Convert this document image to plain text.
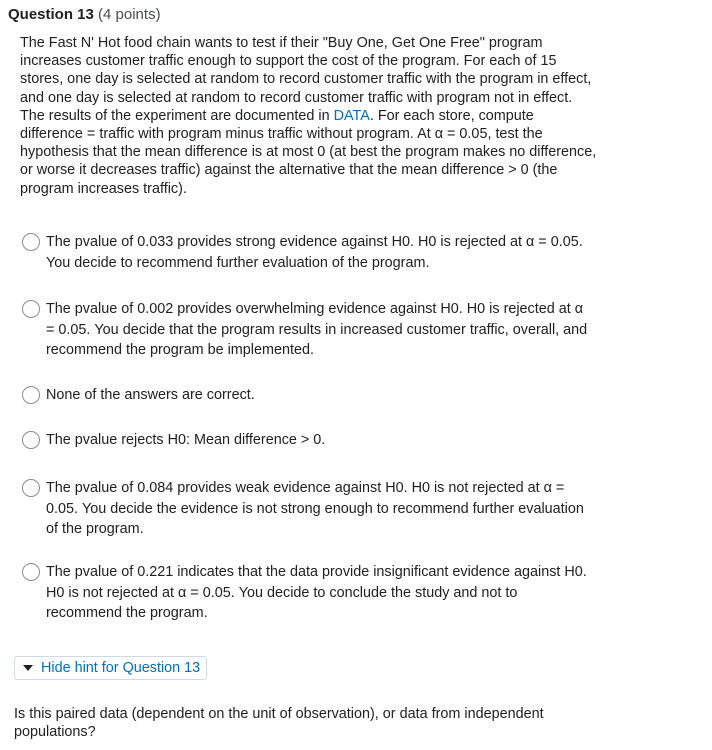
Question 13 (4 points)
The Fast N' Hot food chain wants to test if their "Buy One, Get One Free" program increases customer traffic enough to support the cost of the program. For each of 15 stores, one day is selected at random to record customer traffic with the program in effect, and one day is selected at random to record customer traffic with program not in effect. The results of the experiment are documented in DATA. For each store, compute difference = traffic with program minus traffic without program. At α = 0.05, test the hypothesis that the mean difference is at most 0 (at best the program makes no difference, or worse it decreases traffic) against the alternative that the mean difference > 0 (the program increases traffic).
The pvalue of 0.033 provides strong evidence against H0. H0 is rejected at α = 0.05. You decide to recommend further evaluation of the program.
The pvalue of 0.002 provides overwhelming evidence against H0. H0 is rejected at α = 0.05. You decide that the program results in increased customer traffic, overall, and recommend the program be implemented.
None of the answers are correct.
The pvalue rejects H0: Mean difference > 0.
The pvalue of 0.084 provides weak evidence against H0. H0 is not rejected at α = 0.05. You decide the evidence is not strong enough to recommend further evaluation of the program.
The pvalue of 0.221 indicates that the data provide insignificant evidence against H0. H0 is not rejected at α = 0.05. You decide to conclude the study and not to recommend the program.
Hide hint for Question 13
Is this paired data (dependent on the unit of observation), or data from independent populations?
